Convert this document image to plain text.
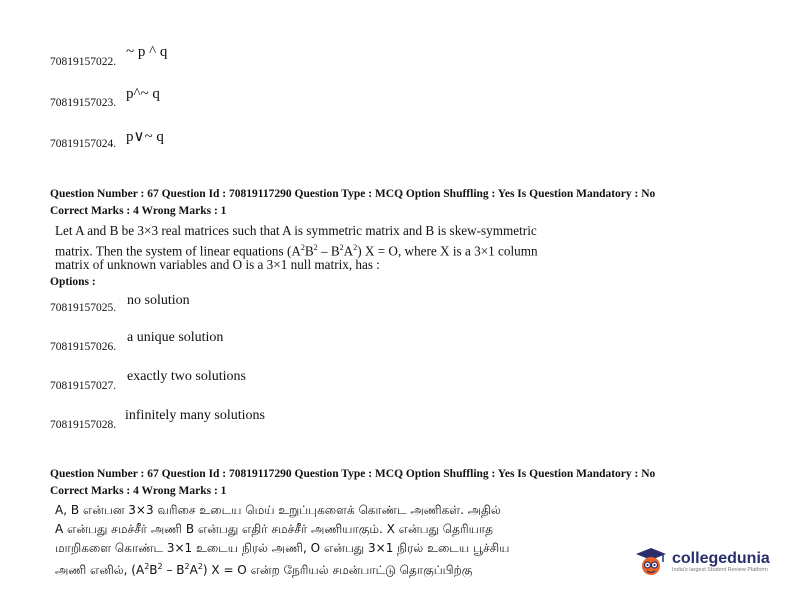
70819157022.
~ p ^ q
70819157023.
p^~ q
70819157024. p∨~ q
Question Number : 67 Question Id : 70819117290 Question Type : MCQ Option Shuffling : Yes Is Question Mandatory : No
Correct Marks : 4 Wrong Marks : 1
Let A and B be 3×3 real matrices such that A is symmetric matrix and B is skew-symmetric
matrix. Then the system of linear equations $(A^2B^2 - B^2A^2) X = O$, where X is a 3×1 column
matrix of unknown variables and O is a 3×1 null matrix, has :
Options :
70819157025. no solution
70819157026.
a unique solution
70819157027.
exactly two solutions
70819157028.
infinitely many solutions
Question Number : 67 Question Id : 70819117290 Question Type : MCQ Option Shuffling : Yes Is Question Mandatory : No
Correct Marks : 4 Wrong Marks : 1
A, B என்பன 3×3 வரிசை உடைய மெய் உறுப்புகளைக் கொண்ட அணிகள். அதில்
A என்பது சமச்சீர் அணி B என்பது எதிர் சமச்சீர் அணியாகும். X என்பது தெரியாத
மாறிகளை கொண்ட 3×1 உடைய நிரல் அணி, O என்பது 3×1 நிரல் உடைய பூச்சிய
அணி எனில், $(A^2B^2 - B^2A^2) X = O$ என்ற நேரியல் சமன்பாட்டு தொகுப்பிற்கு
collegedunia
India's largest Student Review Platform
